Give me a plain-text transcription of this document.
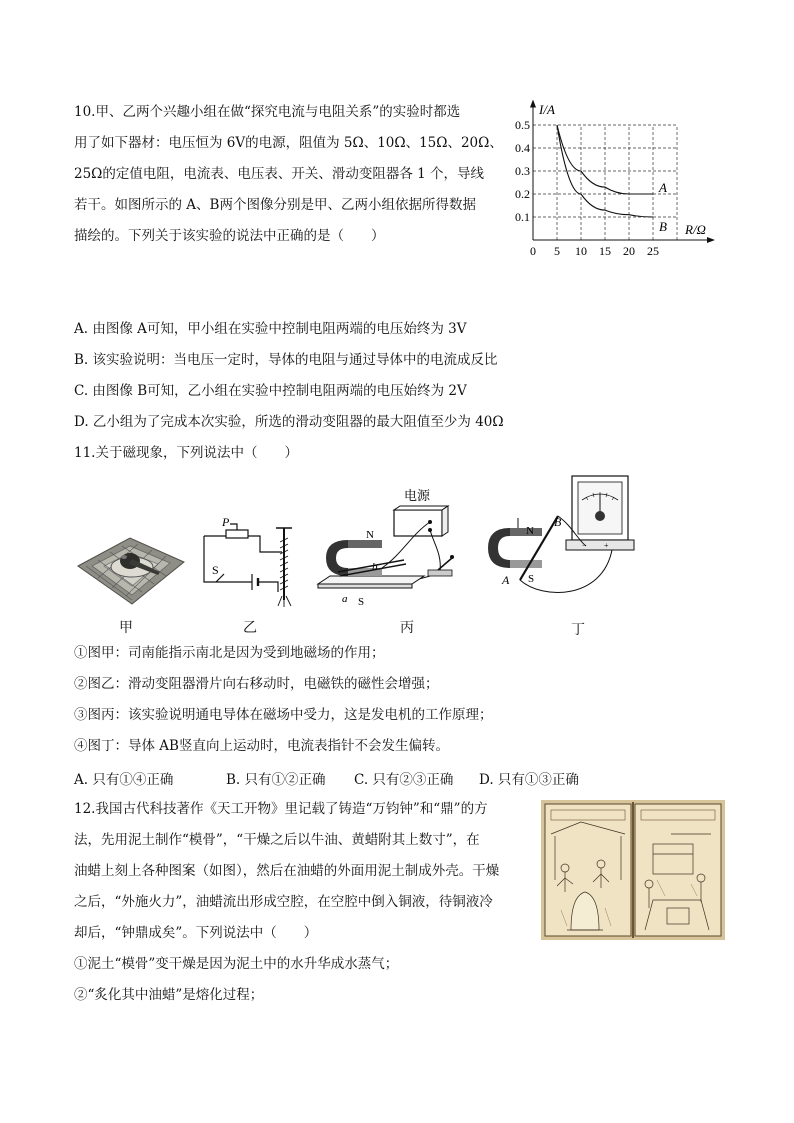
10.甲、乙两个兴趣小组在做“探究电流与电阻关系”的实验时都选
用了如下器材：电压恒为 6V的电源，阻值为 5Ω、10Ω、15Ω、20Ω、
25Ω的定值电阻，电流表、电压表、开关、滑动变阻器各 1 个，导线
若干。如图所示的 A、B两个图像分别是甲、乙两小组依据所得数据
描绘的。下列关于该实验的说法中正确的是（　　）
I/A
R/Ω
A
B
0 5 10 15 20 25
0.1
0.2
0.3
0.4
0.5
A. 由图像 A可知，甲小组在实验中控制电阻两端的电压始终为 3V
B. 该实验说明：当电压一定时，导体的电阻与通过导体中的电流成反比
C. 由图像 B可知，乙小组在实验中控制电阻两端的电压始终为 2V
D. 乙小组为了完成本次实验，所选的滑动变阻器的最大阻值至少为 40Ω
11.关于磁现象，下列说法中（　　）
P
S
电源
N
b
a S
− +
N
B
A S
甲	乙	丙	丁
①图甲：司南能指示南北是因为受到地磁场的作用；
②图乙：滑动变阻器滑片向右移动时，电磁铁的磁性会增强；
③图丙：该实验说明通电导体在磁场中受力，这是发电机的工作原理；
④图丁：导体 AB竖直向上运动时，电流表指针不会发生偏转。
A. 只有①④正确	B. 只有①②正确 C. 只有②③正确 D. 只有①③正确
12.我国古代科技著作《天工开物》里记载了铸造“万钧钟”和“鼎”的方
法，先用泥土制作“模骨”，“干燥之后以牛油、黄蜡附其上数寸”，在
油蜡上刻上各种图案（如图），然后在油蜡的外面用泥土制成外壳。干燥
之后，“外施火力”，油蜡流出形成空腔，在空腔中倒入铜液，待铜液冷
却后，“钟鼎成矣”。下列说法中（　　）
①泥土“模骨”变干燥是因为泥土中的水升华成水蒸气；
②“炙化其中油蜡”是熔化过程；
